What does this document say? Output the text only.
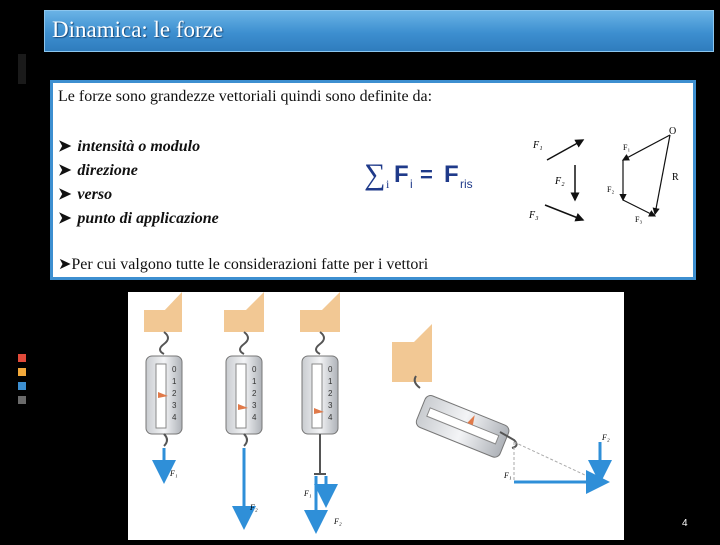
Dinamica: le forze
Le forze sono grandezze vettoriali quindi sono definite da:
➤ intensità o modulo
➤ direzione
➤ verso
➤ punto di applicazione
∑ i F i = F ris
F₁
F₂
F₃
F₁
F₂
F₃
O
R
➤Per cui valgono tutte le considerazioni fatte per i vettori
0
1
2
3
4
F₁
0
1
2
3
4
F₂
0
1
2
3
4
F₁
F₂
F₂
F₁
4
